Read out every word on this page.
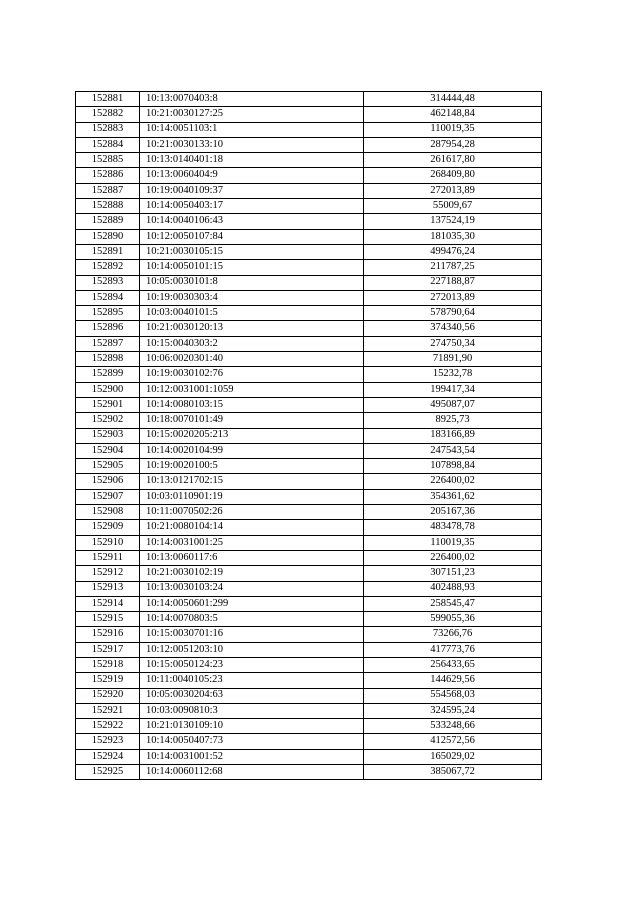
152881	10:13:0070403:8	314444,48
152882	10:21:0030127:25	462148,84
152883	10:14:0051103:1	110019,35
152884	10:21:0030133:10	287954,28
152885	10:13:0140401:18	261617,80
152886	10:13:0060404:9	268409,80
152887	10:19:0040109:37	272013,89
152888	10:14:0050403:17	55009,67
152889	10:14:0040106:43	137524,19
152890	10:12:0050107:84	181035,30
152891	10:21:0030105:15	499476,24
152892	10:14:0050101:15	211787,25
152893	10:05:0030101:8	227188,87
152894	10:19:0030303:4	272013,89
152895	10:03:0040101:5	578790,64
152896	10:21:0030120:13	374340,56
152897	10:15:0040303:2	274750,34
152898	10:06:0020301:40	71891,90
152899	10:19:0030102:76	15232,78
152900	10:12:0031001:1059	199417,34
152901	10:14:0080103:15	495087,07
152902	10:18:0070101:49	8925,73
152903	10:15:0020205:213	183166,89
152904	10:14:0020104:99	247543,54
152905	10:19:0020100:5	107898,84
152906	10:13:0121702:15	226400,02
152907	10:03:0110901:19	354361,62
152908	10:11:0070502:26	205167,36
152909	10:21:0080104:14	483478,78
152910	10:14:0031001:25	110019,35
152911	10:13:0060117:6	226400,02
152912	10:21:0030102:19	307151,23
152913	10:13:0030103:24	402488,93
152914	10:14:0050601:299	258545,47
152915	10:14:0070803:5	599055,36
152916	10:15:0030701:16	73266,76
152917	10:12:0051203:10	417773,76
152918	10:15:0050124:23	256433,65
152919	10:11:0040105:23	144629,56
152920	10:05:0030204:63	554568,03
152921	10:03:0090810:3	324595,24
152922	10:21:0130109:10	533248,66
152923	10:14:0050407:73	412572,56
152924	10:14:0031001:52	165029,02
152925	10:14:0060112:68	385067,72
